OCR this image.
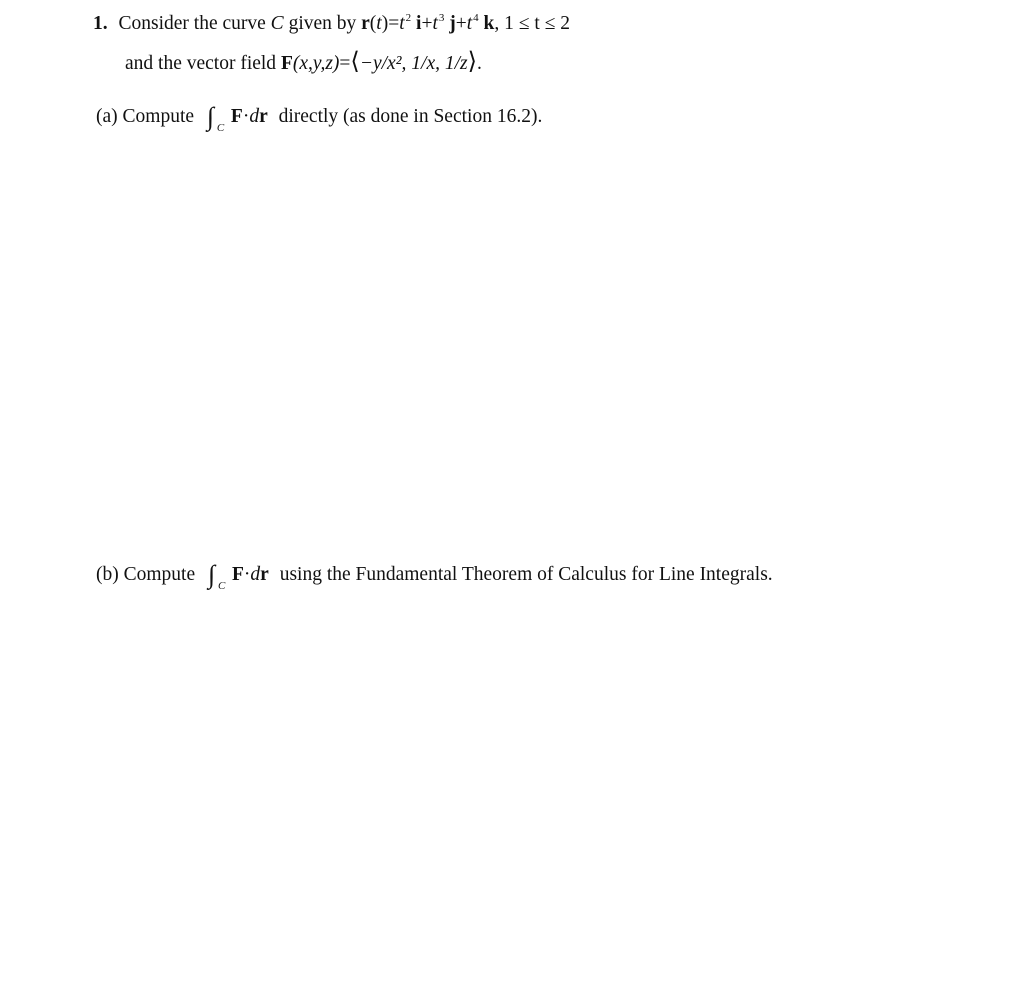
1. Consider the curve C given by $r(t)=t^2$ $i+t^3$ $j+t^4$ k, 1 ≤ t ≤ 2
and the vector field F(x,y,z)=⟨−y/x², 1/x, 1/z⟩.
(a) Compute ∫ C
F·dr directly (as done in Section 16.2).
(b) Compute ∫ C
F·dr using the Fundamental Theorem of Calculus for Line Integrals.
